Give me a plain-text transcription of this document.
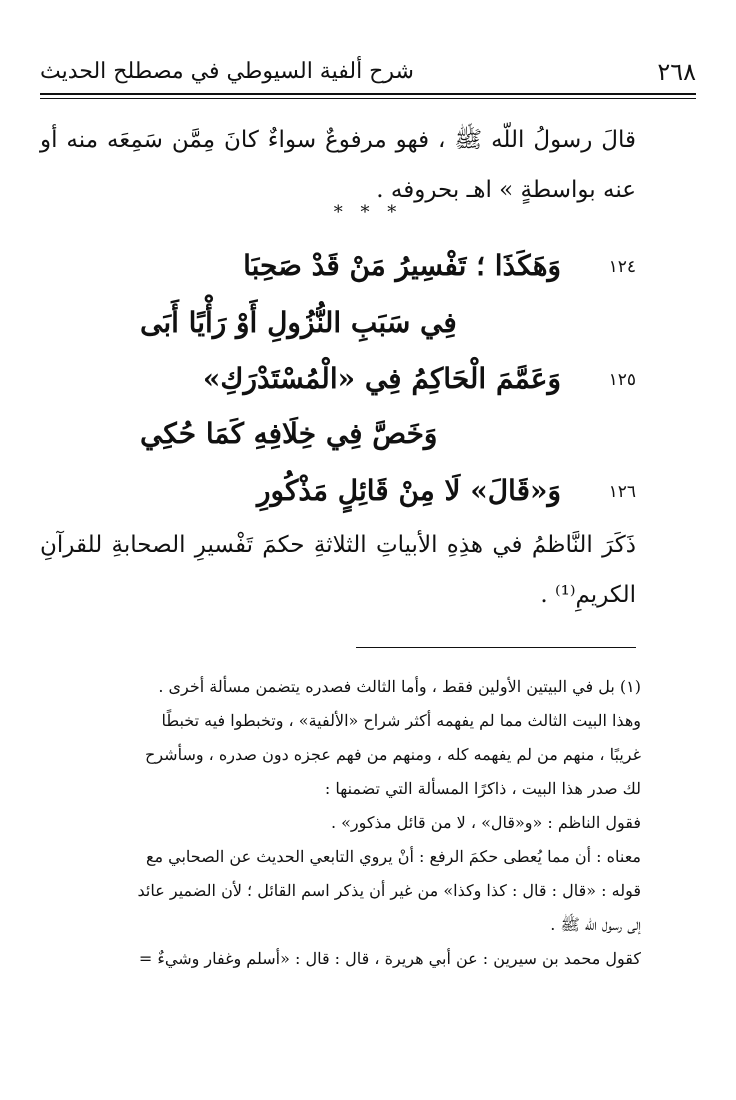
٢٦٨
شرح ألفية السيوطي في مصطلح الحديث
قالَ رسولُ اللّه ﷺ ، فهو مرفوعٌ سواءٌ كانَ مِمَّن سَمِعَه منه أو عنه بواسطةٍ » اهـ بحروفه .
* * *
١٢٤
وَهَكَذَا ؛ تَفْسِيرُ مَنْ قَدْ صَحِبَا
فِي سَبَبِ النُّزُولِ أَوْ رَأْيًا أَبَى
١٢٥
وَعَمَّمَ الْحَاكِمُ فِي «الْمُسْتَدْرَكِ»
وَخَصَّ فِي خِلَافِهِ كَمَا حُكِي
١٢٦
وَ«قَالَ» لَا مِنْ قَائِلٍ مَذْكُورِ
ذَكَرَ النَّاظمُ في هذِهِ الأبياتِ الثلاثةِ حكمَ تَفْسيرِ الصحابةِ للقرآنِ الكريمِ⁽¹⁾ .
(١) بل في البيتين الأولين فقط ، وأما الثالث فصدره يتضمن مسألة أخرى .
وهذا البيت الثالث مما لم يفهمه أكثر شراح «الألفية» ، وتخبطوا فيه تخبطًا
غريبًا ، منهم من لم يفهمه كله ، ومنهم من فهم عجزه دون صدره ، وسأشرح
لك صدر هذا البيت ، ذاكرًا المسألة التي تضمنها :
فقول الناظم : «و«قال» ، لا من قائل مذكور» .
معناه : أن مما يُعطى حكمَ الرفع : أنْ يروي التابعي الحديث عن الصحابي مع
قوله : «قال : قال : كذا وكذا» من غير أن يذكر اسم القائل ؛ لأن الضمير عائد
إلى رسول اللّه ﷺ .
كقول محمد بن سيرين : عن أبي هريرة ، قال : قال : «أسلم وغفار وشيءٌ =
